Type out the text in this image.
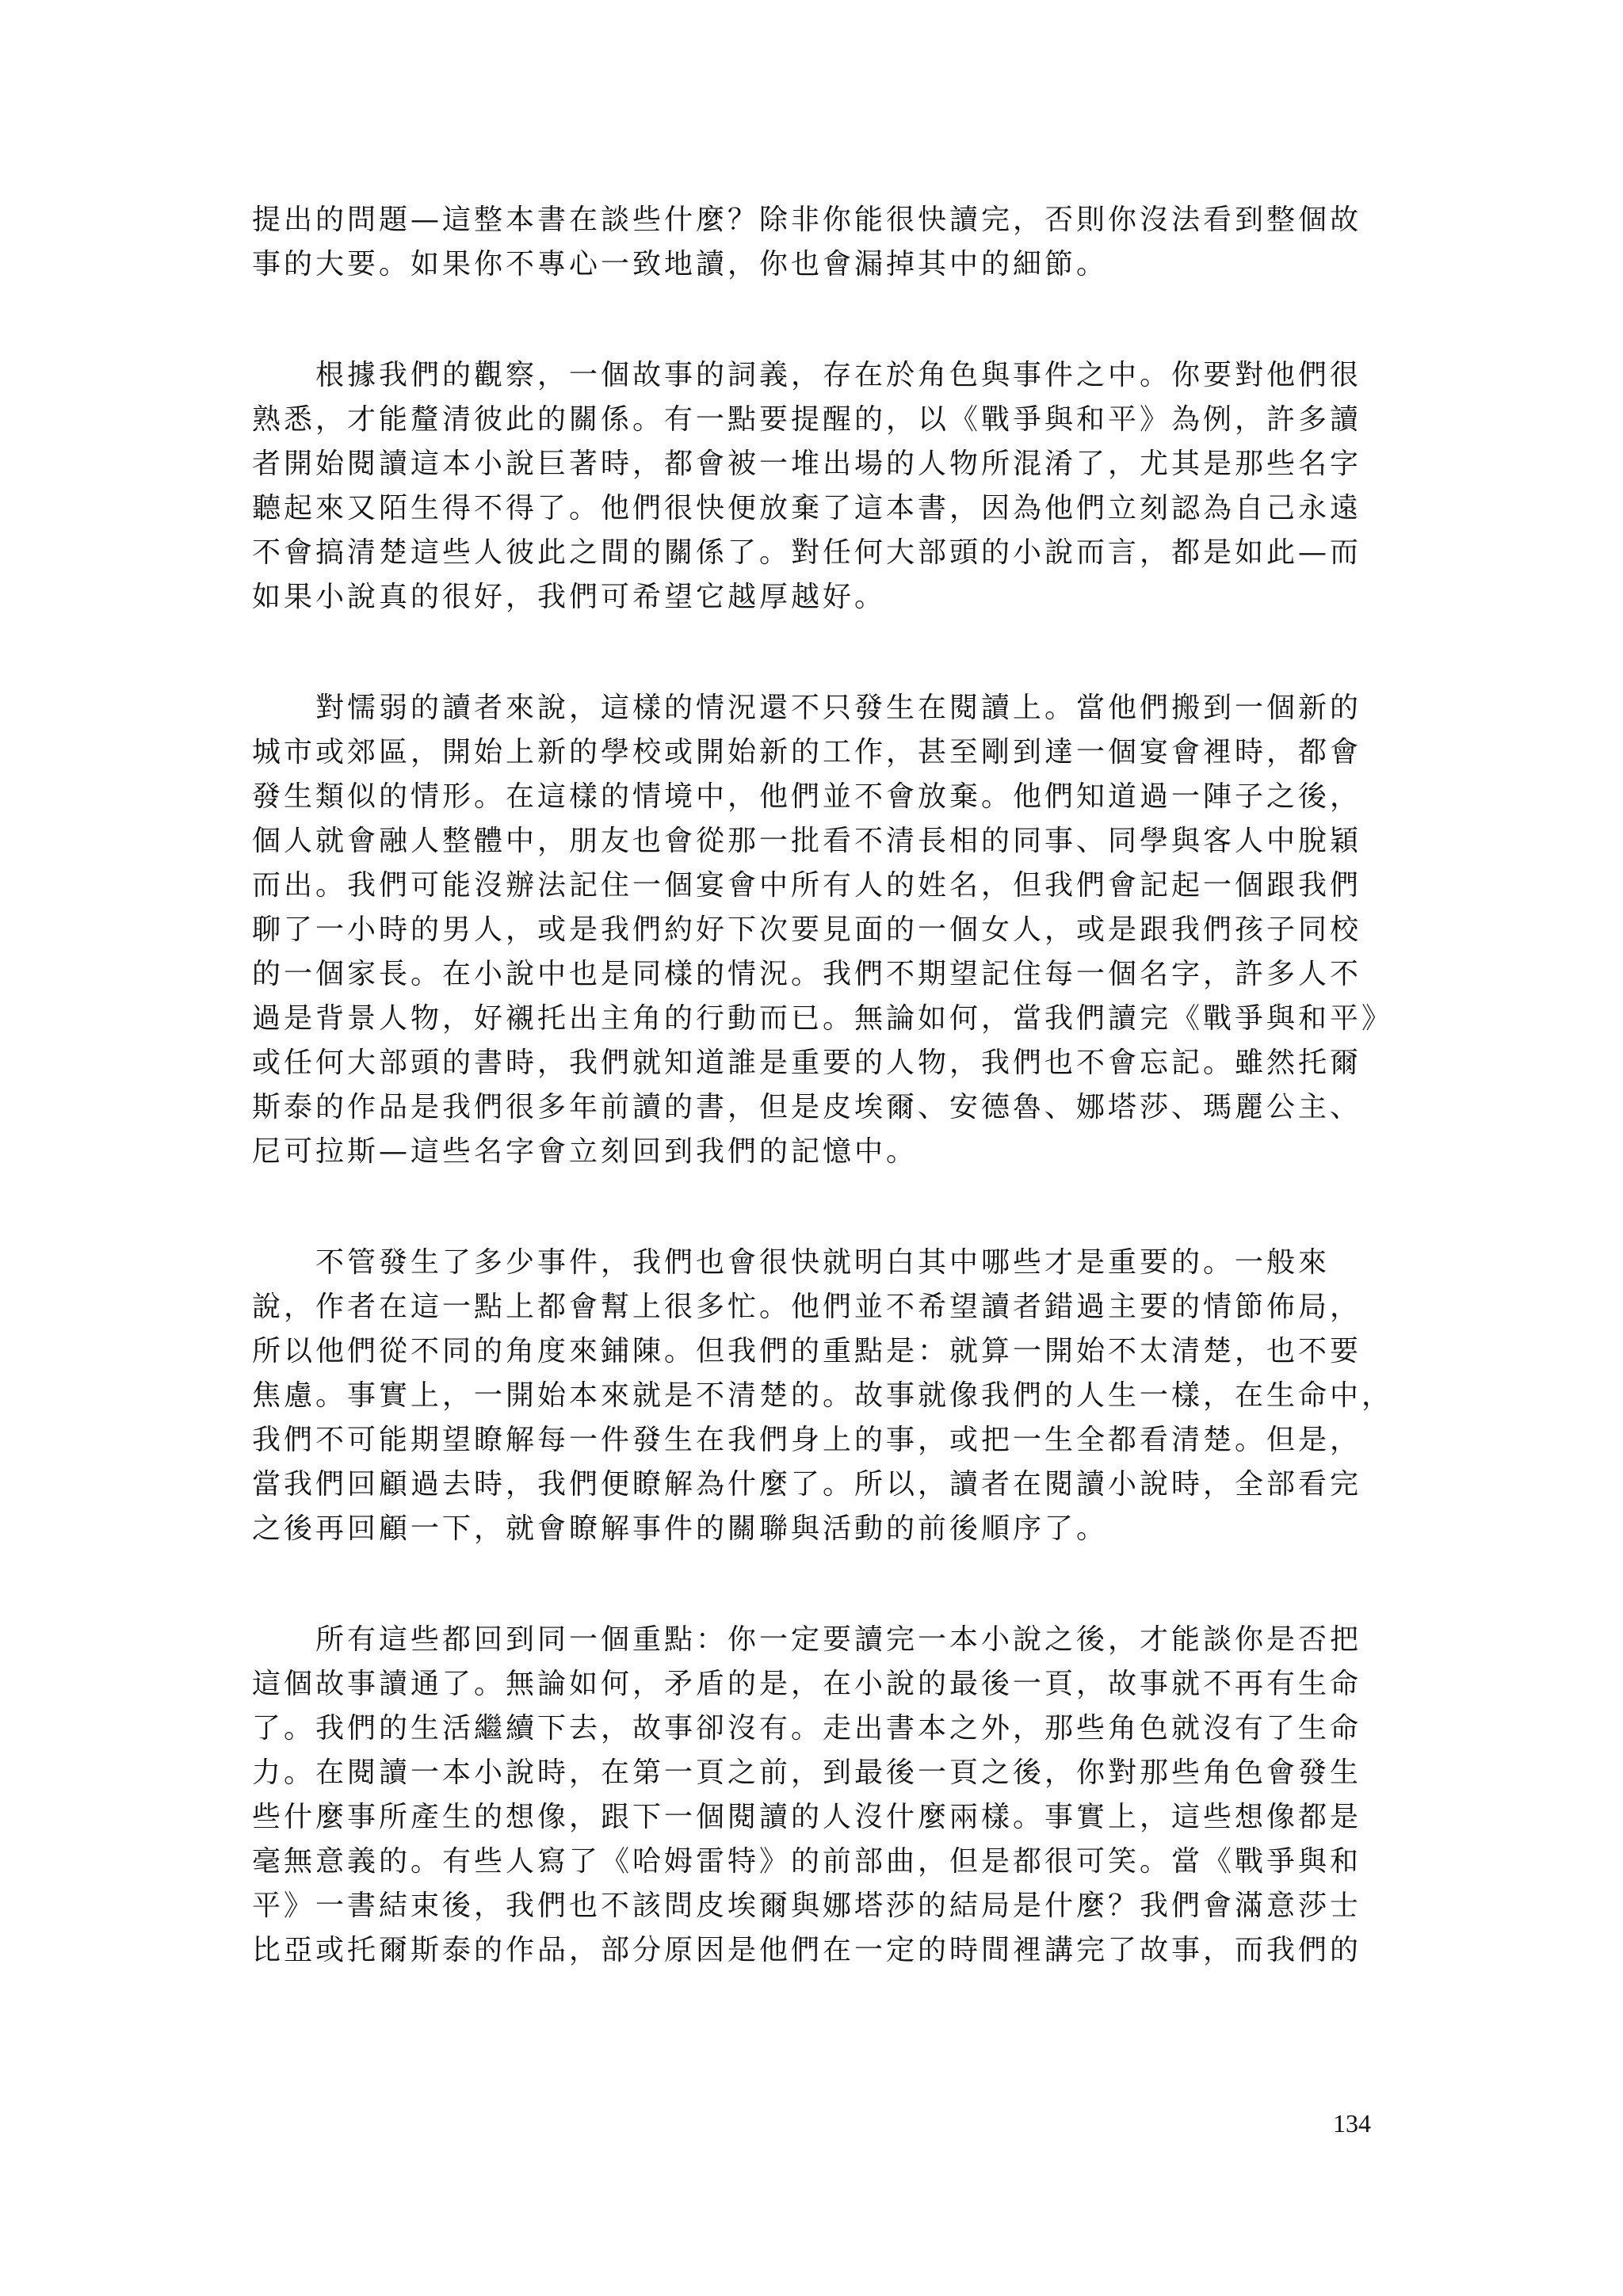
提出的問題—這整本書在談些什麼？除非你能很快讀完，否則你沒法看到整個故
事的大要。如果你不專心一致地讀，你也會漏掉其中的細節。
　　根據我們的觀察，一個故事的詞義，存在於角色與事件之中。你要對他們很
熟悉，才能釐清彼此的關係。有一點要提醒的，以《戰爭與和平》為例，許多讀
者開始閱讀這本小說巨著時，都會被一堆出場的人物所混淆了，尤其是那些名字
聽起來又陌生得不得了。他們很快便放棄了這本書，因為他們立刻認為自己永遠
不會搞清楚這些人彼此之間的關係了。對任何大部頭的小說而言，都是如此—而
如果小說真的很好，我們可希望它越厚越好。
　　對懦弱的讀者來說，這樣的情況還不只發生在閱讀上。當他們搬到一個新的
城市或郊區，開始上新的學校或開始新的工作，甚至剛到達一個宴會裡時，都會
發生類似的情形。在這樣的情境中，他們並不會放棄。他們知道過一陣子之後，
個人就會融人整體中，朋友也會從那一批看不清長相的同事、同學與客人中脫穎
而出。我們可能沒辦法記住一個宴會中所有人的姓名，但我們會記起一個跟我們
聊了一小時的男人，或是我們約好下次要見面的一個女人，或是跟我們孩子同校
的一個家長。在小說中也是同樣的情況。我們不期望記住每一個名字，許多人不
過是背景人物，好襯托出主角的行動而已。無論如何，當我們讀完《戰爭與和平》
或任何大部頭的書時，我們就知道誰是重要的人物，我們也不會忘記。雖然托爾
斯泰的作品是我們很多年前讀的書，但是皮埃爾、安德魯、娜塔莎、瑪麗公主、
尼可拉斯—這些名字會立刻回到我們的記憶中。
　　不管發生了多少事件，我們也會很快就明白其中哪些才是重要的。一般來
說，作者在這一點上都會幫上很多忙。他們並不希望讀者錯過主要的情節佈局，
所以他們從不同的角度來鋪陳。但我們的重點是：就算一開始不太清楚，也不要
焦慮。事實上，一開始本來就是不清楚的。故事就像我們的人生一樣，在生命中，
我們不可能期望瞭解每一件發生在我們身上的事，或把一生全都看清楚。但是，
當我們回顧過去時，我們便瞭解為什麼了。所以，讀者在閱讀小說時，全部看完
之後再回顧一下，就會瞭解事件的關聯與活動的前後順序了。
　　所有這些都回到同一個重點：你一定要讀完一本小說之後，才能談你是否把
這個故事讀通了。無論如何，矛盾的是，在小說的最後一頁，故事就不再有生命
了。我們的生活繼續下去，故事卻沒有。走出書本之外，那些角色就沒有了生命
力。在閱讀一本小說時，在第一頁之前，到最後一頁之後，你對那些角色會發生
些什麼事所產生的想像，跟下一個閱讀的人沒什麼兩樣。事實上，這些想像都是
毫無意義的。有些人寫了《哈姆雷特》的前部曲，但是都很可笑。當《戰爭與和
平》一書結束後，我們也不該問皮埃爾與娜塔莎的結局是什麼？我們會滿意莎士
比亞或托爾斯泰的作品，部分原因是他們在一定的時間裡講完了故事，而我們的
134
